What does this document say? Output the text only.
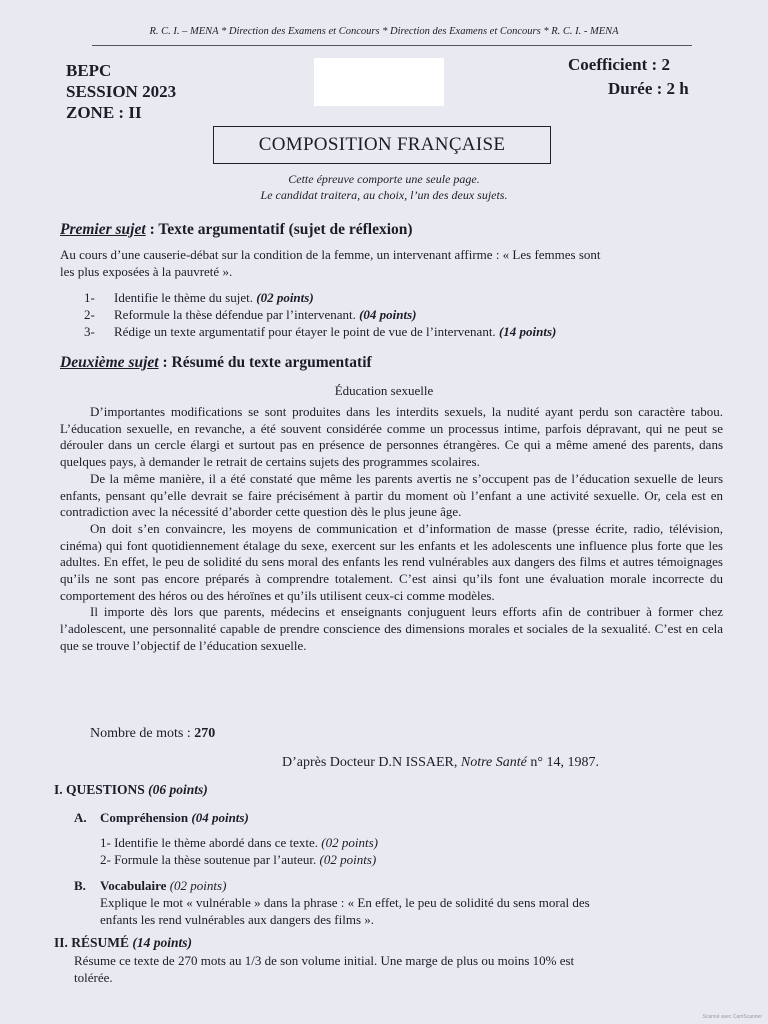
R. C. I. – MENA * Direction des Examens et Concours * Direction des Examens et Concours * R. C. I. - MENA
BEPC
SESSION 2023
ZONE : II
Coefficient : 2
Durée : 2 h
COMPOSITION FRANÇAISE
Cette épreuve comporte une seule page.
Le candidat traitera, au choix, l’un des deux sujets.
Premier sujet : Texte argumentatif (sujet de réflexion)
Au cours d’une causerie-débat sur la condition de la femme, un intervenant affirme : « Les femmes sont
les plus exposées à la pauvreté ».
1- Identifie le thème du sujet. (02 points)
2- Reformule la thèse défendue par l’intervenant. (04 points)
3- Rédige un texte argumentatif pour étayer le point de vue de l’intervenant. (14 points)
Deuxième sujet : Résumé du texte argumentatif
Éducation sexuelle

D’importantes modifications se sont produites dans les interdits sexuels, la nudité ayant perdu son caractère tabou. L’éducation sexuelle, en revanche, a été souvent considérée comme un processus intime, parfois dépravant, qui ne peut se dérouler dans un cercle élargi et surtout pas en présence de personnes étrangères. Ce qui a même amené des parents, dans quelques pays, à demander le retrait de certains sujets des programmes scolaires.

De la même manière, il a été constaté que même les parents avertis ne s’occupent pas de l’éducation sexuelle de leurs enfants, pensant qu’elle devrait se faire précisément à partir du moment où l’enfant a une activité sexuelle. Or, cela est en contradiction avec la nécessité d’aborder cette question dès le plus jeune âge.

On doit s’en convaincre, les moyens de communication et d’information de masse (presse écrite, radio, télévision, cinéma) qui font quotidiennement étalage du sexe, exercent sur les enfants et les adolescents une influence plus forte que les adultes. En effet, le peu de solidité du sens moral des enfants les rend vulnérables aux dangers des films et autres témoignages qu’ils ne sont pas encore préparés à comprendre totalement. C’est ainsi qu’ils font une évaluation morale incorrecte du comportement des héros ou des héroïnes et qu’ils utilisent ceux-ci comme modèles.

Il importe dès lors que parents, médecins et enseignants conjuguent leurs efforts afin de contribuer à former chez l’adolescent, une personnalité capable de prendre conscience des dimensions morales et sociales de la sexualité. C’est en cela que se trouve l’objectif de l’éducation sexuelle.

Nombre de mots : 270
D’après Docteur D.N ISSAER, Notre Santé n° 14, 1987.
I. QUESTIONS (06 points)
A. Compréhension (04 points)
1- Identifie le thème abordé dans ce texte. (02 points)
2- Formule la thèse soutenue par l’auteur. (02 points)
B. Vocabulaire (02 points)
Explique le mot « vulnérable » dans la phrase : « En effet, le peu de solidité du sens moral des
enfants les rend vulnérables aux dangers des films ».
II. RÉSUMÉ (14 points)
Résume ce texte de 270 mots au 1/3 de son volume initial. Une marge de plus ou moins 10% est
tolérée.
Scanné avec CamScanner
